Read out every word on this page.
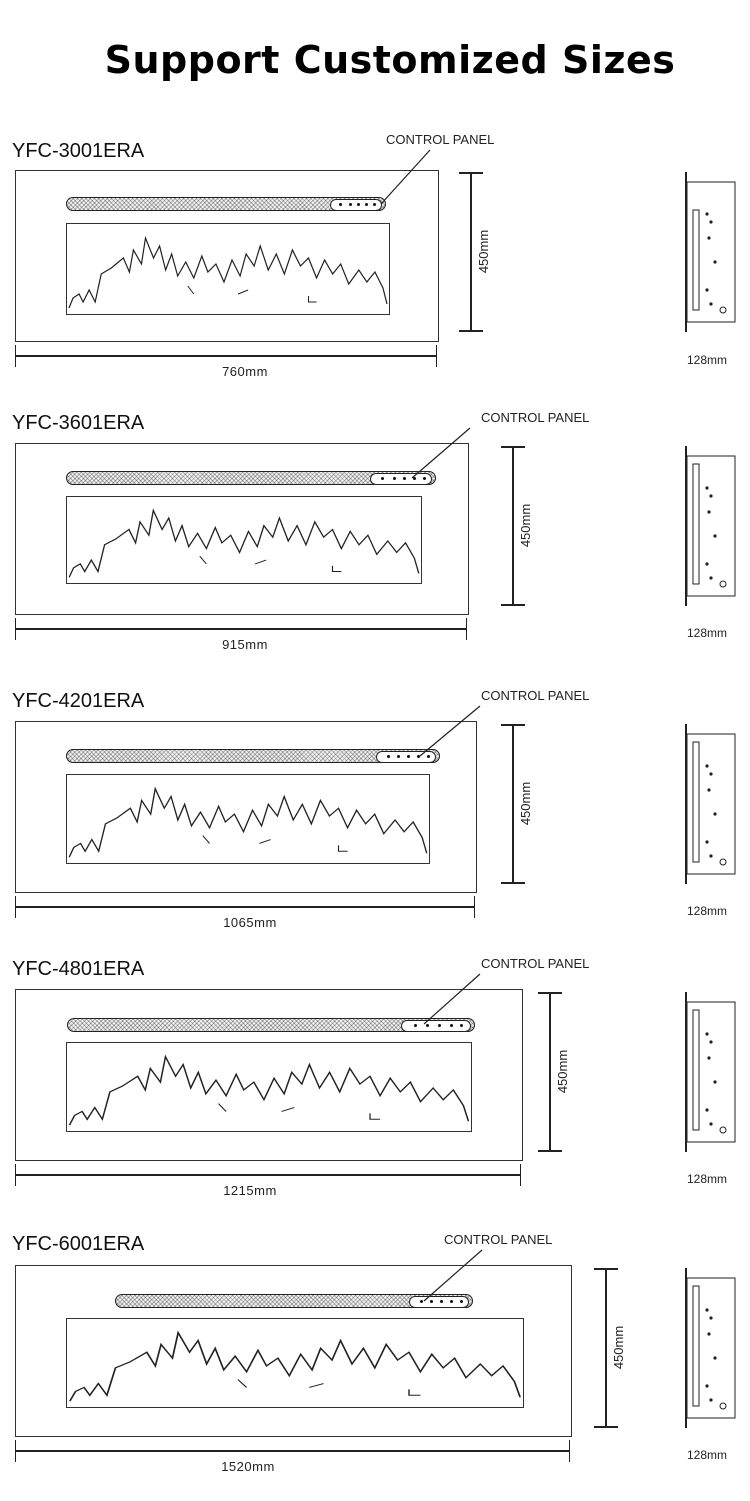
Support Customized Sizes
YFC-3001ERA
CONTROL PANEL
450mm
760mm
128mm
YFC-3601ERA	CONTROL PANEL
450mm
915mm
128mm
YFC-4201ERA	CONTROL PANEL
450mm
1065mm
128mm
YFC-4801ERA	CONTROL PANEL
450mm
1215mm
128mm
YFC-6001ERA	CONTROL PANEL
450mm
1520mm
128mm
